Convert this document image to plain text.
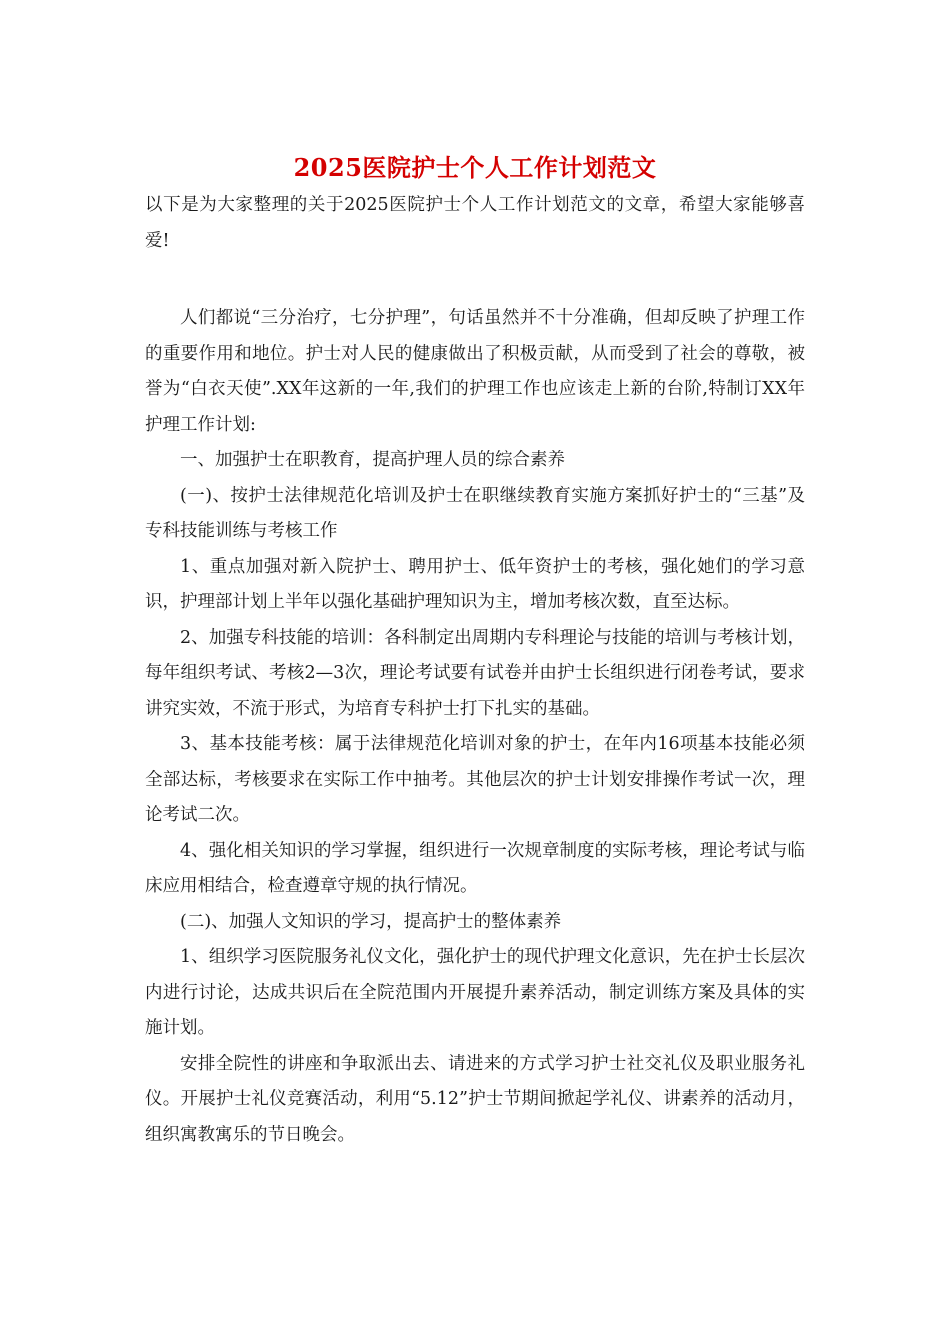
2025医院护士个人工作计划范文

以下是为大家整理的关于2025医院护士个人工作计划范文的文章，希望大家能够喜爱!

人们都说“三分治疗，七分护理”，句话虽然并不十分准确，但却反映了护理工作的重要作用和地位。护士对人民的健康做出了积极贡献，从而受到了社会的尊敬，被誉为“白衣天使”.XX年这新的一年,我们的护理工作也应该走上新的台阶,特制订XX年护理工作计划:

一、加强护士在职教育，提高护理人员的综合素养

(一)、按护士法律规范化培训及护士在职继续教育实施方案抓好护士的“三基”及专科技能训练与考核工作

1、重点加强对新入院护士、聘用护士、低年资护士的考核，强化她们的学习意识，护理部计划上半年以强化基础护理知识为主，增加考核次数，直至达标。

2、加强专科技能的培训：各科制定出周期内专科理论与技能的培训与考核计划，每年组织考试、考核2—3次，理论考试要有试卷并由护士长组织进行闭卷考试，要求讲究实效，不流于形式，为培育专科护士打下扎实的基础。

3、基本技能考核：属于法律规范化培训对象的护士，在年内16项基本技能必须全部达标，考核要求在实际工作中抽考。其他层次的护士计划安排操作考试一次，理论考试二次。

4、强化相关知识的学习掌握，组织进行一次规章制度的实际考核，理论考试与临床应用相结合，检查遵章守规的执行情况。

(二)、加强人文知识的学习，提高护士的整体素养

1、组织学习医院服务礼仪文化，强化护士的现代护理文化意识，先在护士长层次内进行讨论，达成共识后在全院范围内开展提升素养活动，制定训练方案及具体的实施计划。

安排全院性的讲座和争取派出去、请进来的方式学习护士社交礼仪及职业服务礼仪。开展护士礼仪竞赛活动，利用“5.12”护士节期间掀起学礼仪、讲素养的活动月，组织寓教寓乐的节日晚会。
